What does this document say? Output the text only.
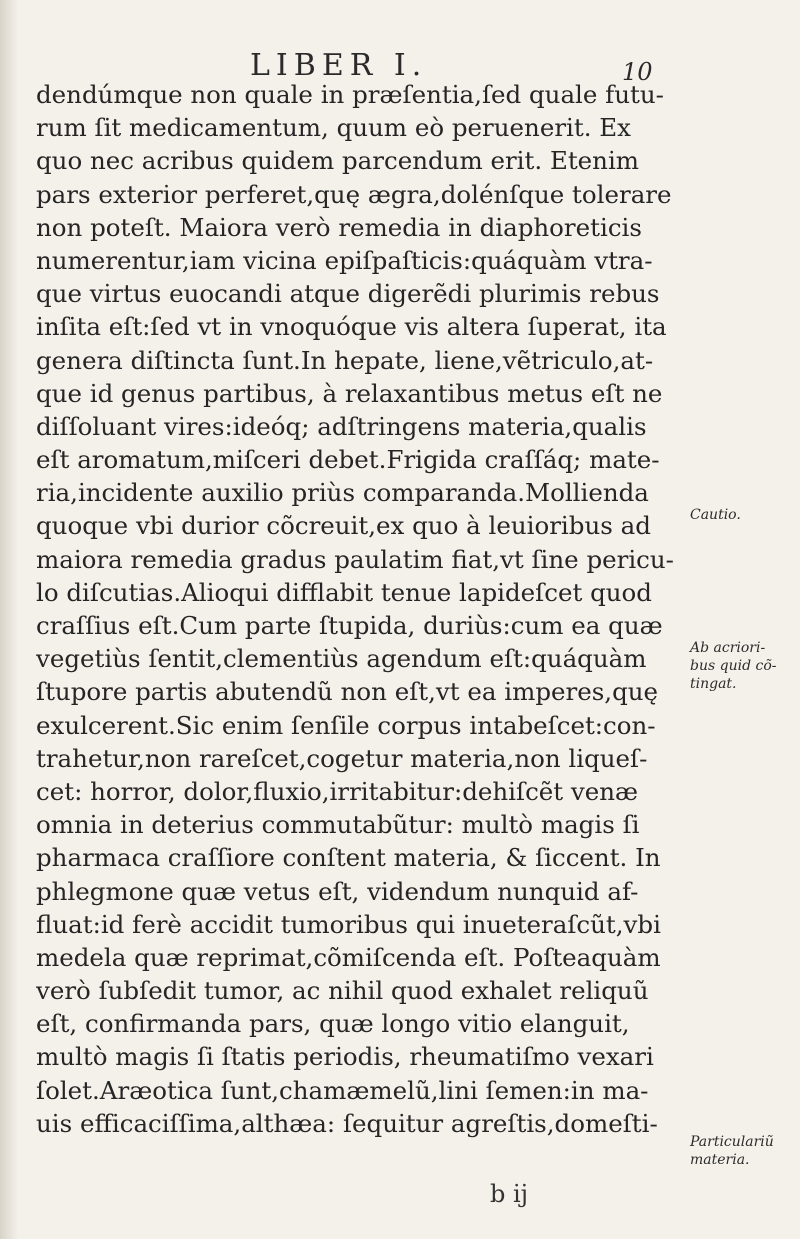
LIBER I.	10
dendúmque non quale in præſentia,ſed quale futu-
rum ſit medicamentum, quum eò peruenerit. Ex
quo nec acribus quidem parcendum erit. Etenim
pars exterior perferet,quę ægra,dolénſque tolerare
non poteſt. Maiora verò remedia in diaphoreticis
numerentur,iam vicina epiſpaſticis:quáquàm vtra-
que virtus euocandi atque digerẽdi plurimis rebus
inſita eſt:ſed vt in vnoquóque vis altera ſuperat, ita
genera diſtincta ſunt.In hepate, liene,vẽtriculo,at-
que id genus partibus, à relaxantibus metus eſt ne
diſſoluant vires:ideóq; adſtringens materia,qualis
eſt aromatum,miſceri debet.Frigida craſſáq; mate-
ria,incidente auxilio priùs comparanda.Mollienda
quoque vbi durior cõcreuit,ex quo à leuioribus ad
maiora remedia gradus paulatim fiat,vt ſine pericu-
lo diſcutias.Alioqui difflabit tenue lapideſcet quod
craſſius eſt.Cum parte ſtupida, duriùs:cum ea quæ
vegetiùs ſentit,clementiùs agendum eſt:quáquàm
ſtupore partis abutendũ non eſt,vt ea imperes,quę
exulcerent.Sic enim ſenſile corpus intabeſcet:con-
trahetur,non rareſcet,cogetur materia,non liqueſ-
cet: horror, dolor,fluxio,irritabitur:dehiſcẽt venæ
omnia in deterius commutabũtur: multò magis ſi
pharmaca craſſiore conſtent materia, & ſiccent. In
phlegmone quæ vetus eſt, videndum nunquid af-
fluat:id ferè accidit tumoribus qui inueteraſcũt,vbi
medela quæ reprimat,cõmiſcenda eſt. Poſteaquàm
verò ſubſedit tumor, ac nihil quod exhalet reliquũ
eſt, confirmanda pars, quæ longo vitio elanguit,
multò magis ſi ſtatis periodis, rheumatiſmo vexari
ſolet.Aræotica ſunt,chamæmelũ,lini ſemen:in ma-
uis efficaciſſima,althæa: ſequitur agreſtis,domeſti-
Cautio.
Ab acriori-
bus quid cõ-
tingat.
Particulariũ
materia.
b ij
